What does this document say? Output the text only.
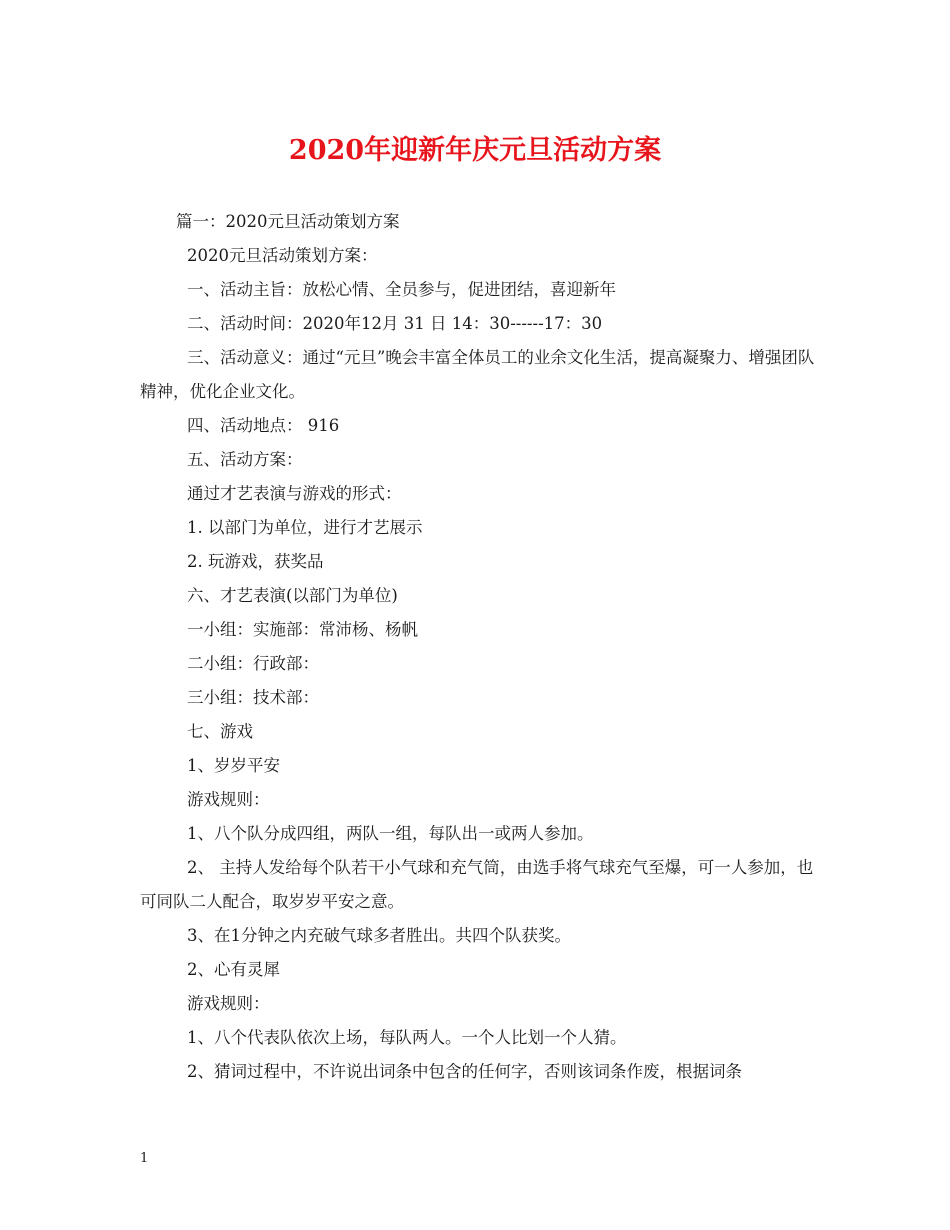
2020年迎新年庆元旦活动方案

篇一：2020元旦活动策划方案

2020元旦活动策划方案：

一、活动主旨：放松心情、全员参与，促进团结，喜迎新年

二、活动时间：2020年12月 31 日 14：30------17：30

三、活动意义：通过“元旦”晚会丰富全体员工的业余文化生活，提高凝聚力、增强团队精神，优化企业文化。

四、活动地点： 916

五、活动方案：

通过才艺表演与游戏的形式：

1. 以部门为单位，进行才艺展示

2. 玩游戏，获奖品

六、才艺表演(以部门为单位)

一小组：实施部：常沛杨、杨帆

二小组：行政部：

三小组：技术部：

七、游戏

1、岁岁平安

游戏规则：

1、八个队分成四组，两队一组，每队出一或两人参加。

2、 主持人发给每个队若干小气球和充气筒，由选手将气球充气至爆，可一人参加，也可同队二人配合，取岁岁平安之意。

3、在1分钟之内充破气球多者胜出。共四个队获奖。

2、心有灵犀

游戏规则：

1、八个代表队依次上场，每队两人。一个人比划一个人猜。

2、猜词过程中，不许说出词条中包含的任何字，否则该词条作废，根据词条

1
